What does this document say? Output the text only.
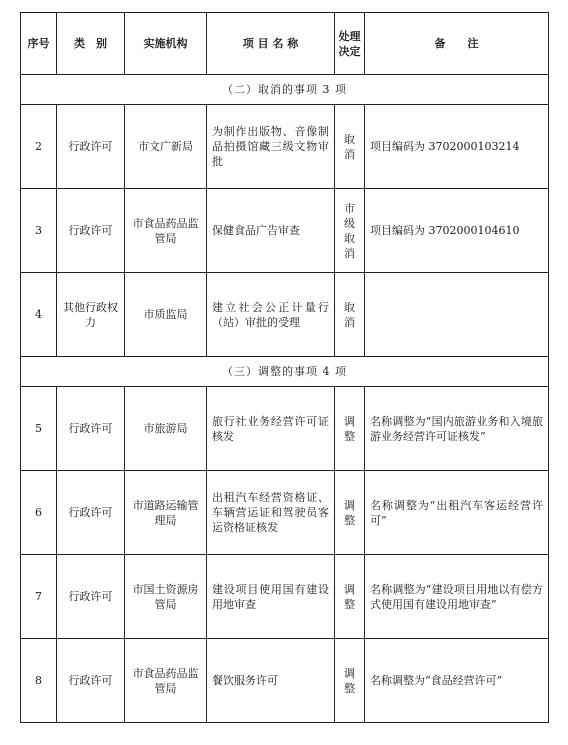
序号	类　别	实施机构	项 目 名 称	处理决定	备　　注
（二）取消的事项 3 项					
2	行政许可	市文广新局	为制作出版物、音像制品拍摄馆藏三级文物审批	取消	项目编码为 3702000103214
3	行政许可	市食品药品监管局	保健食品广告审查	市级取消	项目编码为 3702000104610
4	其他行政权力	市质监局	建立社会公正计量行（站）审批的受理	取消	
（三）调整的事项 4 项					
5	行政许可	市旅游局	旅行社业务经营许可证核发	调整	名称调整为“国内旅游业务和入境旅游业务经营许可证核发”
6	行政许可	市道路运输管理局	出租汽车经营资格证、车辆营运证和驾驶员客运资格证核发	调整	名称调整为“出租汽车客运经营许可”
7	行政许可	市国土资源房管局	建设项目使用国有建设用地审查	调整	名称调整为“建设项目用地以有偿方式使用国有建设用地审查”
8	行政许可	市食品药品监管局	餐饮服务许可	调整	名称调整为“食品经营许可”
